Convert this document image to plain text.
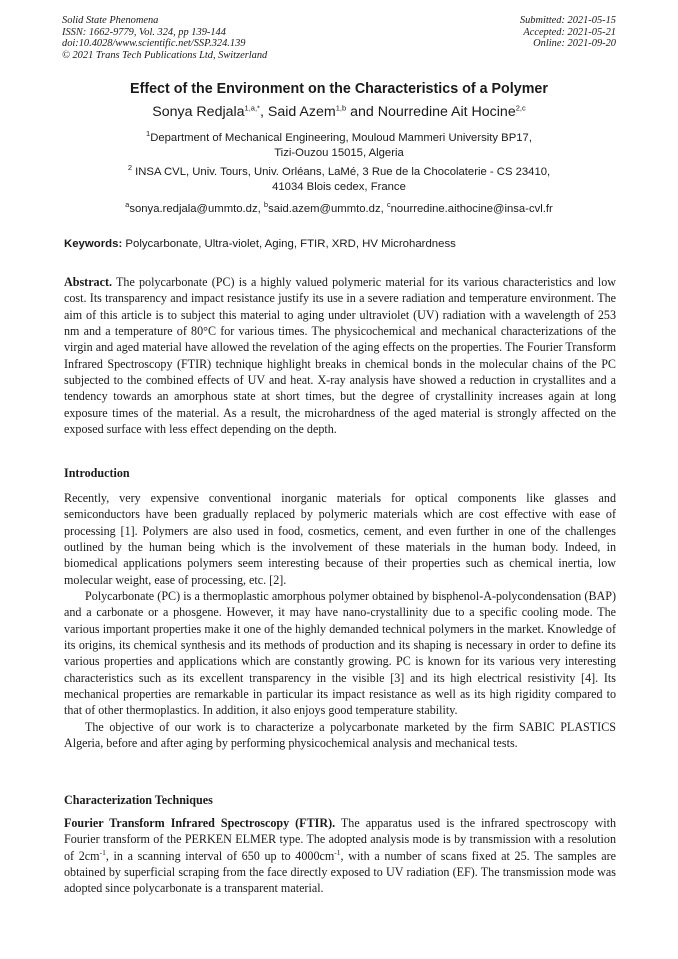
Solid State Phenomena
ISSN: 1662-9779, Vol. 324, pp 139-144
doi:10.4028/www.scientific.net/SSP.324.139
© 2021 Trans Tech Publications Ltd, Switzerland
Submitted: 2021-05-15
Accepted: 2021-05-21
Online: 2021-09-20
Effect of the Environment on the Characteristics of a Polymer
Sonya Redjala$^{1,a,*}$, Said Azem$^{1,b}$ and Nourredine Ait Hocine$^{2,c}$
$^1$Department of Mechanical Engineering, Mouloud Mammeri University BP17,
Tizi-Ouzou 15015, Algeria
$^2$ INSA CVL, Univ. Tours, Univ. Orléans, LaMé, 3 Rue de la Chocolaterie - CS 23410,
41034 Blois cedex, France
$^a$sonya.redjala@ummto.dz, $^b$said.azem@ummto.dz, $^c$nourredine.aithocine@insa-cvl.fr
Keywords: Polycarbonate, Ultra-violet, Aging, FTIR, XRD, HV Microhardness

Abstract. The polycarbonate (PC) is a highly valued polymeric material for its various characteristics and low cost. Its transparency and impact resistance justify its use in a severe radiation and temperature environment. The aim of this article is to subject this material to aging under ultraviolet (UV) radiation with a wavelength of 253 nm and a temperature of 80°C for various times. The physicochemical and mechanical characterizations of the virgin and aged material have allowed the revelation of the aging effects on the properties. The Fourier Transform Infrared Spectroscopy (FTIR) technique highlight breaks in chemical bonds in the molecular chains of the PC subjected to the combined effects of UV and heat. X-ray analysis have showed a reduction in crystallites and a tendency towards an amorphous state at short times, but the degree of crystallinity increases again at long exposure times of the material. As a result, the microhardness of the aged material is strongly affected on the exposed surface with less effect depending on the depth.

Introduction

Recently, very expensive conventional inorganic materials for optical components like glasses and semiconductors have been gradually replaced by polymeric materials which are cost effective with ease of processing [1]. Polymers are also used in food, cosmetics, cement, and even further in one of the challenges outlined by the human being which is the involvement of these materials in the human body. Indeed, in biomedical applications polymers seem interesting because of their properties such as chemical inertia, low molecular weight, ease of processing, etc. [2].

Polycarbonate (PC) is a thermoplastic amorphous polymer obtained by bisphenol-A-polycondensation (BAP) and a carbonate or a phosgene. However, it may have nano-crystallinity due to a specific cooling mode. The various important properties make it one of the highly demanded technical polymers in the market. Knowledge of its origins, its chemical synthesis and its methods of production and its shaping is necessary in order to define its various properties and applications which are constantly growing. PC is known for its various very interesting characteristics such as its excellent transparency in the visible [3] and its high electrical resistivity [4]. Its mechanical properties are remarkable in particular its impact resistance as well as its high rigidity compared to that of other thermoplastics. In addition, it also enjoys good temperature stability.

The objective of our work is to characterize a polycarbonate marketed by the firm SABIC PLASTICS Algeria, before and after aging by performing physicochemical analysis and mechanical tests.

Characterization Techniques

Fourier Transform Infrared Spectroscopy (FTIR). The apparatus used is the infrared spectroscopy with Fourier transform of the PERKEN ELMER type. The adopted analysis mode is by transmission with a resolution of $2cm^{-1}$, in a scanning interval of 650 up to $4000cm^{-1}$, with a number of scans fixed at 25. The samples are obtained by superficial scraping from the face directly exposed to UV radiation (EF). The transmission mode was adopted since polycarbonate is a transparent material.
